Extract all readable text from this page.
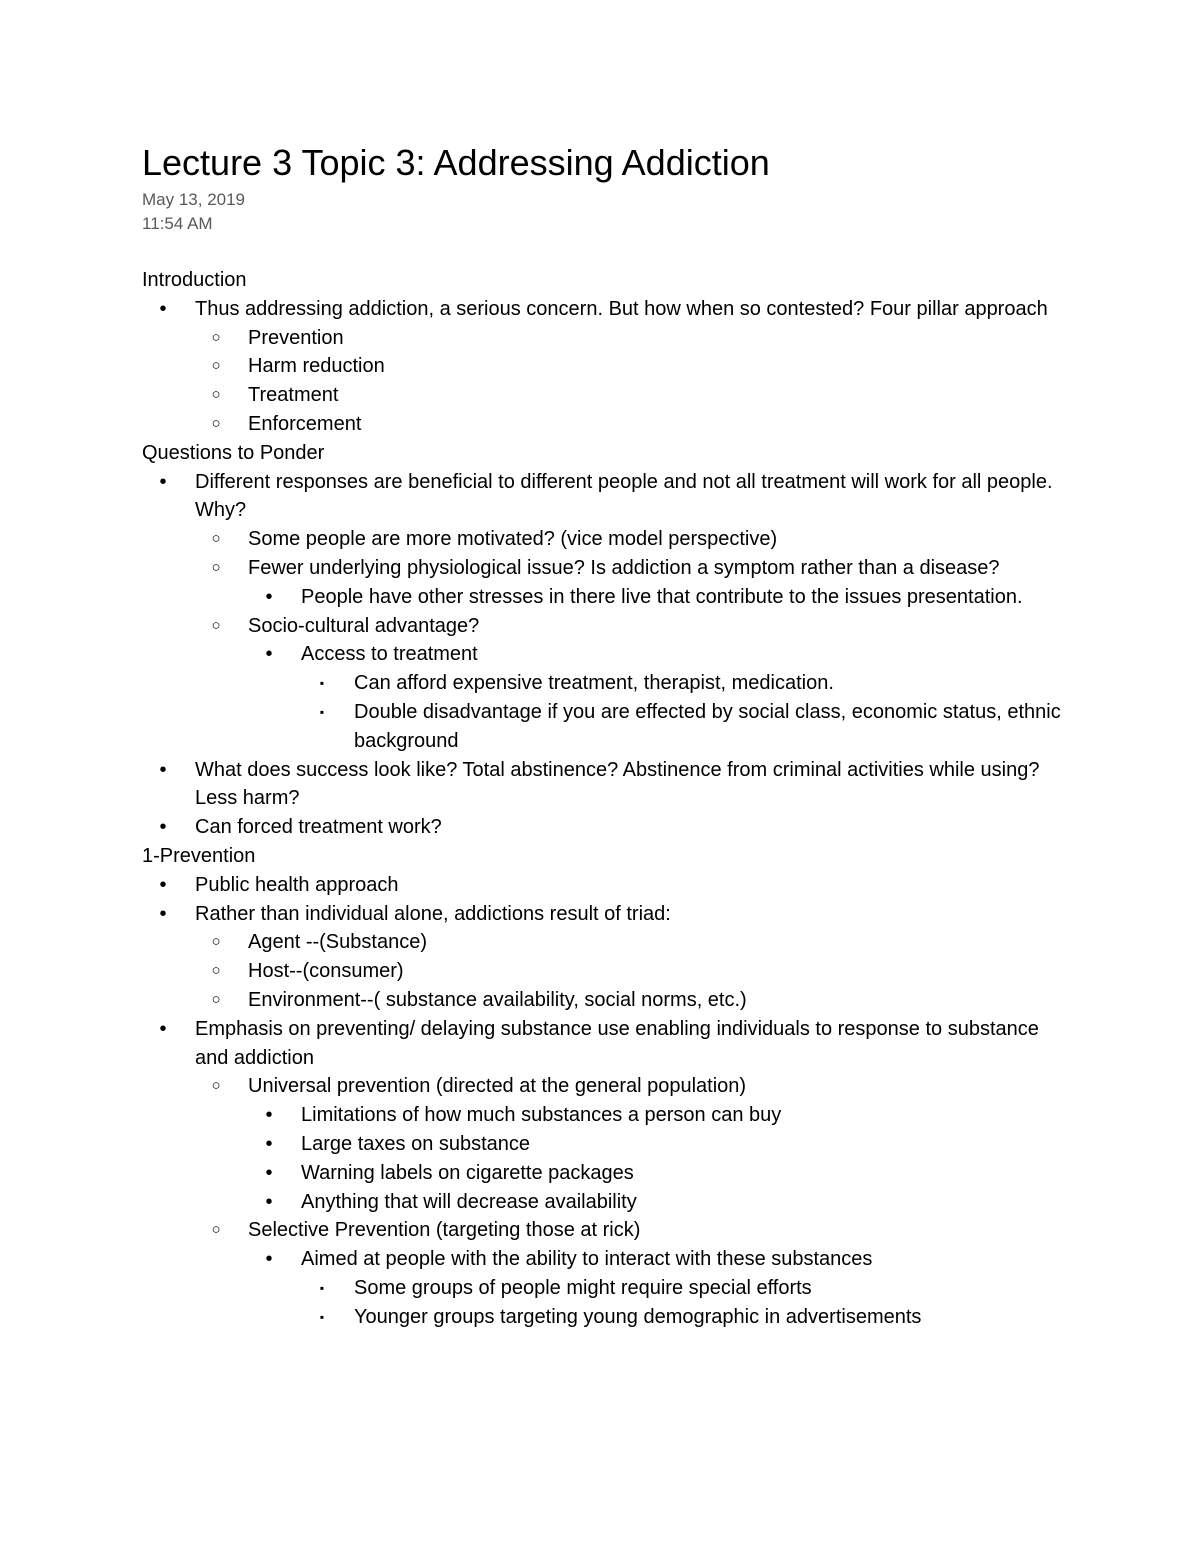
Lecture 3 Topic 3: Addressing Addiction
May 13, 2019
11:54 AM
Introduction
•	Thus addressing addiction, a serious concern. But how when so contested? Four pillar approach
○ Prevention
○ Harm reduction
○ Treatment
○ Enforcement
Questions to Ponder
•	Different responses are beneficial to different people and not all treatment will work for all people. Why?
○ Some people are more motivated? (vice model perspective)
○ Fewer underlying physiological issue? Is addiction a symptom rather than a disease?
•	People have other stresses in there live that contribute to the issues presentation.
○ Socio-cultural advantage?
•	Access to treatment
▪	Can afford expensive treatment, therapist, medication.
▪	Double disadvantage if you are effected by social class, economic status, ethnic background
•	What does success look like? Total abstinence? Abstinence from criminal activities while using? Less harm?
•	Can forced treatment work?
1-Prevention
•	Public health approach
•	Rather than individual alone, addictions result of triad:
○ Agent --(Substance)
○ Host--(consumer)
○ Environment--( substance availability, social norms, etc.)
•	Emphasis on preventing/ delaying substance use enabling individuals to response to substance and addiction
○ Universal prevention (directed at the general population)
•	Limitations of how much substances a person can buy
•	Large taxes on substance
•	Warning labels on cigarette packages
•	Anything that will decrease availability
○ Selective Prevention (targeting those at rick)
•	Aimed at people with the ability to interact with these substances
▪	Some groups of people might require special efforts
▪	Younger groups targeting young demographic in advertisements
